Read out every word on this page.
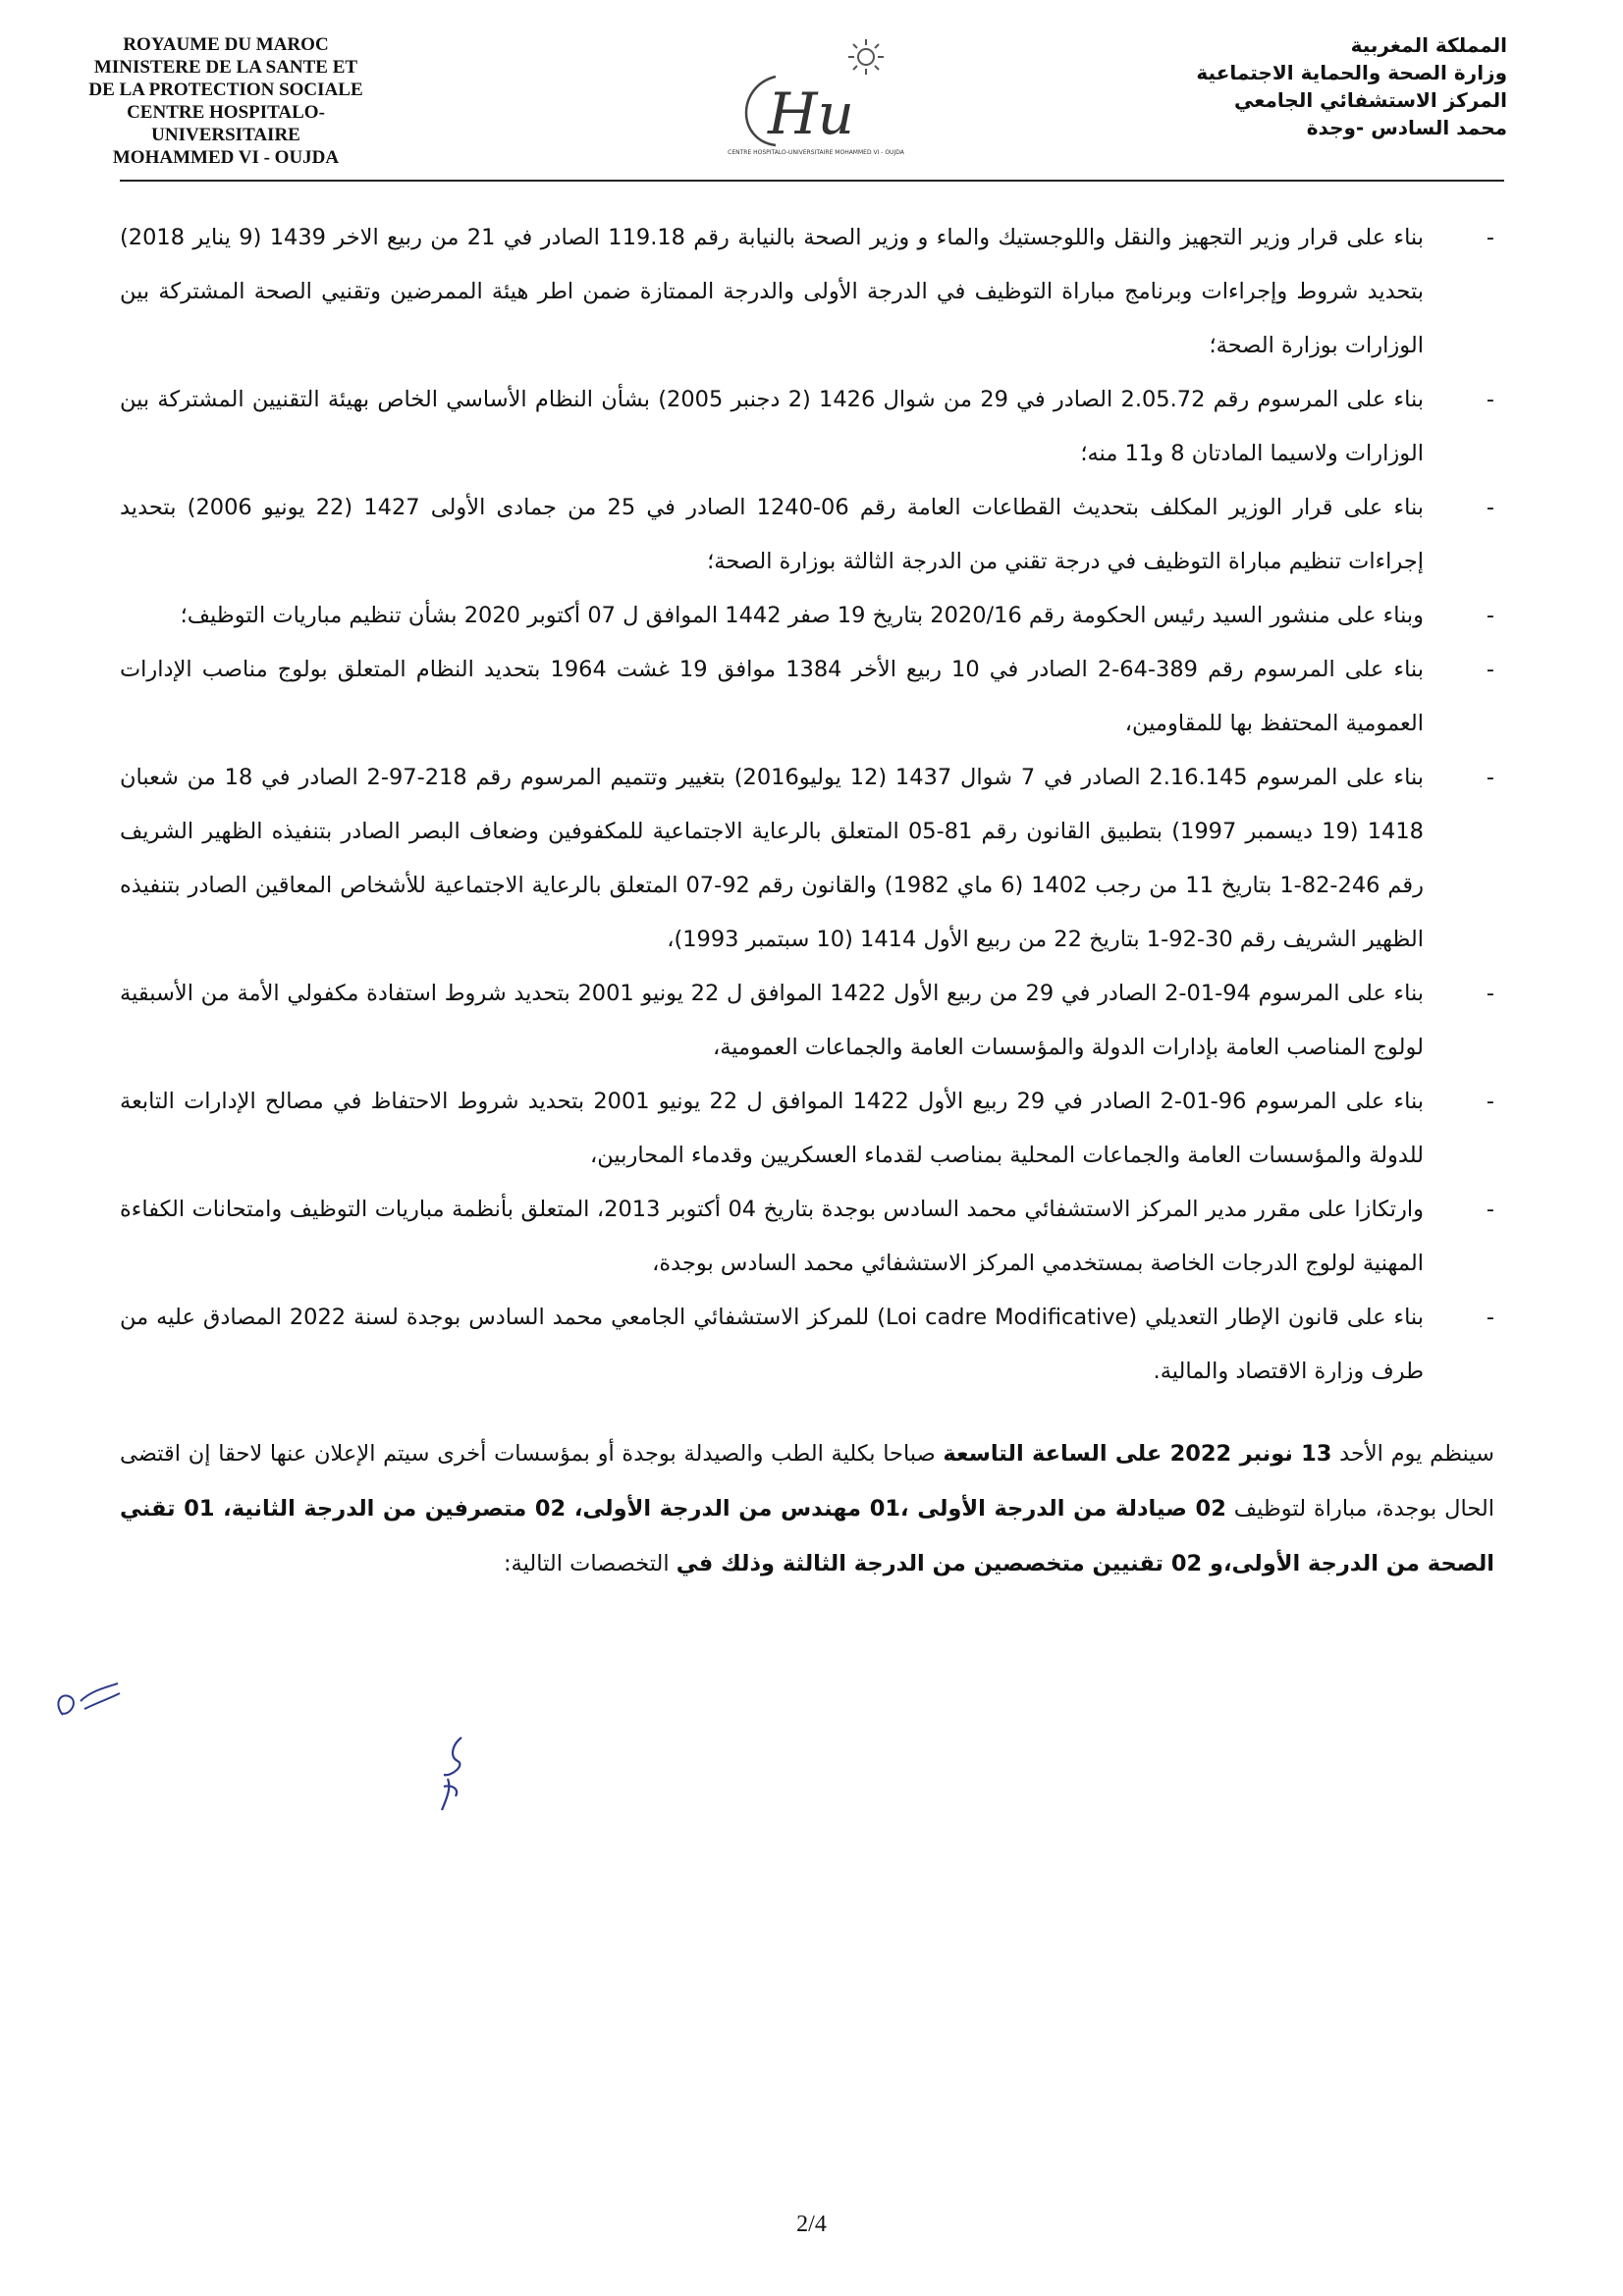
ROYAUME DU MAROC
MINISTERE DE LA SANTE ET
DE LA PROTECTION SOCIALE
CENTRE HOSPITALO-UNIVERSITAIRE
MOHAMMED VI - OUJDA
Hu
CENTRE HOSPITALO-UNIVERSITAIRE MOHAMMED VI - OUJDA
المملكة المغربية
وزارة الصحة والحماية الاجتماعية
المركز الاستشفائي الجامعي
محمد السادس -وجدة
-
بناء على قرار وزير التجهيز والنقل واللوجستيك والماء و وزير الصحة بالنيابة رقم 119.18 الصادر في 21 من ربيع الاخر 1439 (9 يناير 2018) بتحديد شروط وإجراءات وبرنامج مباراة التوظيف في الدرجة الأولى والدرجة الممتازة ضمن اطر هيئة الممرضين وتقنيي الصحة المشتركة بين الوزارات بوزارة الصحة؛
-
بناء على المرسوم رقم 2.05.72 الصادر في 29 من شوال 1426 (2 دجنبر 2005) بشأن النظام الأساسي الخاص بهيئة التقنيين المشتركة بين الوزارات ولاسيما المادتان 8 و11 منه؛
-
بناء على قرار الوزير المكلف بتحديث القطاعات العامة رقم 06-1240 الصادر في 25 من جمادى الأولى 1427 (22 يونيو 2006) بتحديد إجراءات تنظيم مباراة التوظيف في درجة تقني من الدرجة الثالثة بوزارة الصحة؛
-
وبناء على منشور السيد رئيس الحكومة رقم 2020/16 بتاريخ 19 صفر 1442 الموافق ل 07 أكتوبر 2020 بشأن تنظيم مباريات التوظيف؛
-
بناء على المرسوم رقم 389-64-2 الصادر في 10 ربيع الأخر 1384 موافق 19 غشت 1964 بتحديد النظام المتعلق بولوج مناصب الإدارات العمومية المحتفظ بها للمقاومين،
-
بناء على المرسوم 2.16.145 الصادر في 7 شوال 1437 (12 يوليو2016) بتغيير وتتميم المرسوم رقم 218-97-2 الصادر في 18 من شعبان 1418 (19 ديسمبر 1997) بتطبيق القانون رقم 81-05 المتعلق بالرعاية الاجتماعية للمكفوفين وضعاف البصر الصادر بتنفيذه الظهير الشريف رقم 246-82-1 بتاريخ 11 من رجب 1402 (6 ماي 1982) والقانون رقم 92-07 المتعلق بالرعاية الاجتماعية للأشخاص المعاقين الصادر بتنفيذه الظهير الشريف رقم 30-92-1 بتاريخ 22 من ربيع الأول 1414 (10 سبتمبر 1993)،
-
بناء على المرسوم 94-01-2 الصادر في 29 من ربيع الأول 1422 الموافق ل 22 يونيو 2001 بتحديد شروط استفادة مكفولي الأمة من الأسبقية لولوج المناصب العامة بإدارات الدولة والمؤسسات العامة والجماعات العمومية،
-
بناء على المرسوم 96-01-2 الصادر في 29 ربيع الأول 1422 الموافق ل 22 يونيو 2001 بتحديد شروط الاحتفاظ في مصالح الإدارات التابعة للدولة والمؤسسات العامة والجماعات المحلية بمناصب لقدماء العسكريين وقدماء المحاربين،
-
وارتكازا على مقرر مدير المركز الاستشفائي محمد السادس بوجدة بتاريخ 04 أكتوبر 2013، المتعلق بأنظمة مباريات التوظيف وامتحانات الكفاءة المهنية لولوج الدرجات الخاصة بمستخدمي المركز الاستشفائي محمد السادس بوجدة،
-
بناء على قانون الإطار التعديلي (Loi cadre Modificative) للمركز الاستشفائي الجامعي محمد السادس بوجدة لسنة 2022 المصادق عليه من طرف وزارة الاقتصاد والمالية.

سينظم يوم الأحد 13 نونبر 2022 على الساعة التاسعة صباحا بكلية الطب والصيدلة بوجدة أو بمؤسسات أخرى سيتم الإعلان عنها لاحقا إن اقتضى الحال بوجدة، مباراة لتوظيف 02 صيادلة من الدرجة الأولى ،01 مهندس من الدرجة الأولى، 02 متصرفين من الدرجة الثانية، 01 تقني الصحة من الدرجة الأولى،و 02 تقنيين متخصصين من الدرجة الثالثة وذلك في التخصصات التالية:

2/4
